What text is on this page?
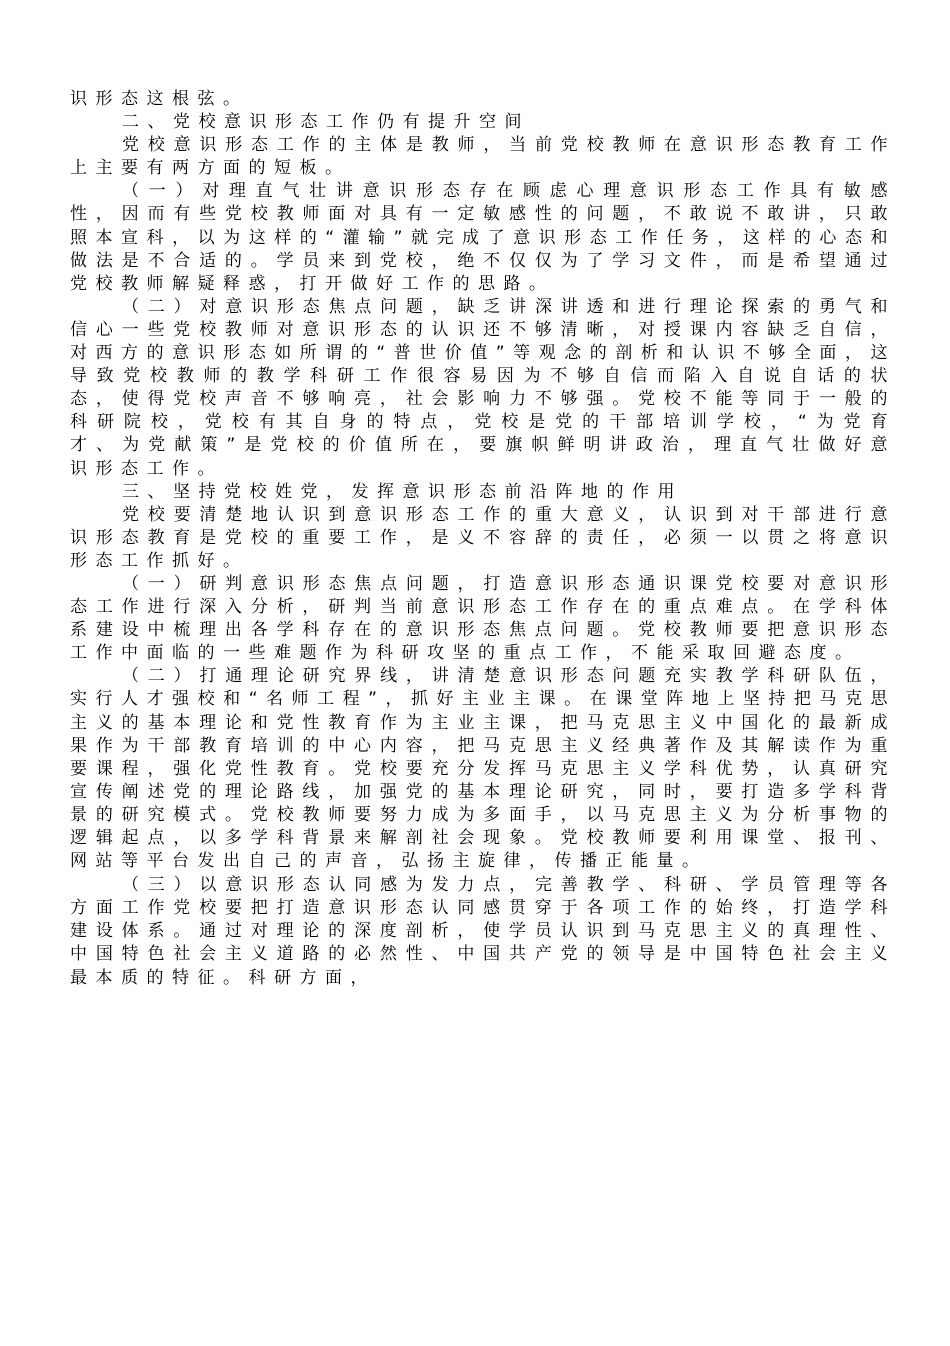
识形态这根弦。

二、党校意识形态工作仍有提升空间

党校意识形态工作的主体是教师，当前党校教师在意识形态教育工作上主要有两方面的短板。

（一）对理直气壮讲意识形态存在顾虑心理意识形态工作具有敏感性，因而有些党校教师面对具有一定敏感性的问题，不敢说不敢讲，只敢照本宣科，以为这样的“灌输”就完成了意识形态工作任务，这样的心态和做法是不合适的。学员来到党校，绝不仅仅为了学习文件，而是希望通过党校教师解疑释惑，打开做好工作的思路。

（二）对意识形态焦点问题，缺乏讲深讲透和进行理论探索的勇气和信心一些党校教师对意识形态的认识还不够清晰，对授课内容缺乏自信，对西方的意识形态如所谓的“普世价值”等观念的剖析和认识不够全面，这导致党校教师的教学科研工作很容易因为不够自信而陷入自说自话的状态，使得党校声音不够响亮，社会影响力不够强。党校不能等同于一般的科研院校，党校有其自身的特点，党校是党的干部培训学校，“为党育才、为党献策”是党校的价值所在，要旗帜鲜明讲政治，理直气壮做好意识形态工作。

三、坚持党校姓党，发挥意识形态前沿阵地的作用

党校要清楚地认识到意识形态工作的重大意义，认识到对干部进行意识形态教育是党校的重要工作，是义不容辞的责任，必须一以贯之将意识形态工作抓好。

（一）研判意识形态焦点问题，打造意识形态通识课党校要对意识形态工作进行深入分析，研判当前意识形态工作存在的重点难点。在学科体系建设中梳理出各学科存在的意识形态焦点问题。党校教师要把意识形态工作中面临的一些难题作为科研攻坚的重点工作，不能采取回避态度。

（二）打通理论研究界线，讲清楚意识形态问题充实教学科研队伍，实行人才强校和“名师工程”，抓好主业主课。在课堂阵地上坚持把马克思主义的基本理论和党性教育作为主业主课，把马克思主义中国化的最新成果作为干部教育培训的中心内容，把马克思主义经典著作及其解读作为重要课程，强化党性教育。党校要充分发挥马克思主义学科优势，认真研究宣传阐述党的理论路线，加强党的基本理论研究，同时，要打造多学科背景的研究模式。党校教师要努力成为多面手，以马克思主义为分析事物的逻辑起点，以多学科背景来解剖社会现象。党校教师要利用课堂、报刊、网站等平台发出自己的声音，弘扬主旋律，传播正能量。

（三）以意识形态认同感为发力点，完善教学、科研、学员管理等各方面工作党校要把打造意识形态认同感贯穿于各项工作的始终，打造学科建设体系。通过对理论的深度剖析，使学员认识到马克思主义的真理性、中国特色社会主义道路的必然性、中国共产党的领导是中国特色社会主义最本质的特征。科研方面，
